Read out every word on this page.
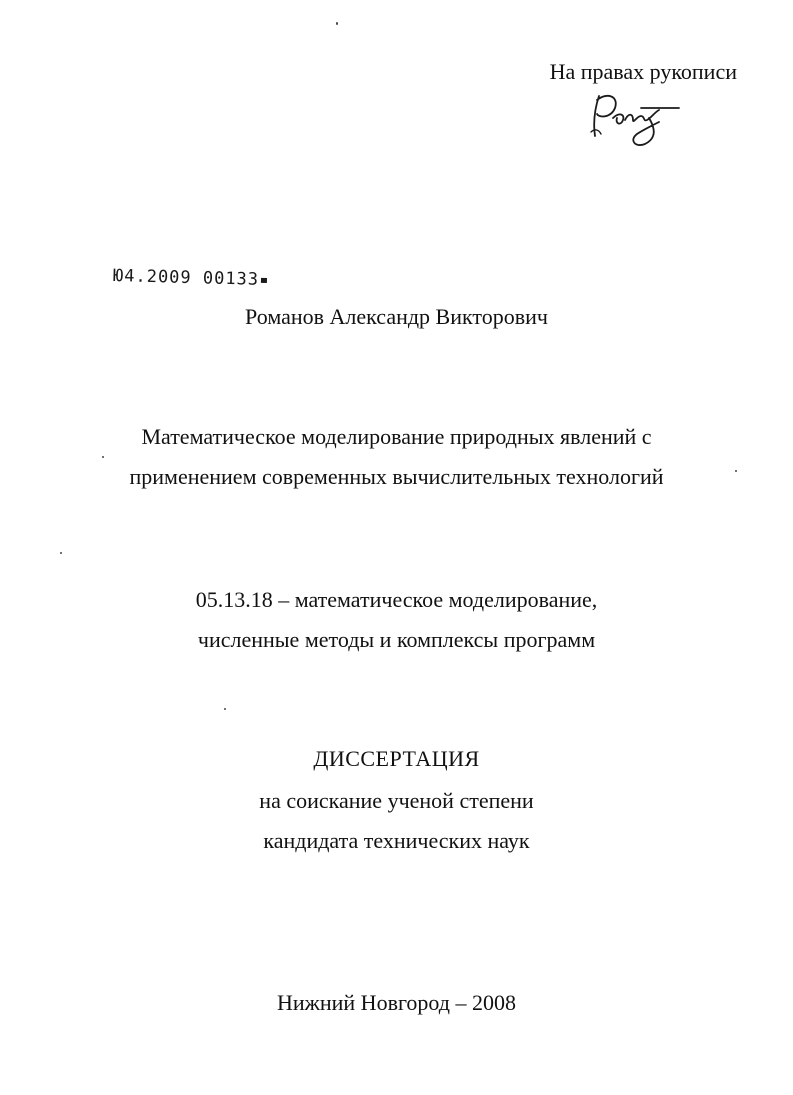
На правах рукописи
Ю4.2009 00133
Романов Александр Викторович
Математическое моделирование природных явлений с
применением современных вычислительных технологий
05.13.18 – математическое моделирование,
численные методы и комплексы программ
ДИССЕРТАЦИЯ
на соискание ученой степени
кандидата технических наук
Нижний Новгород – 2008
